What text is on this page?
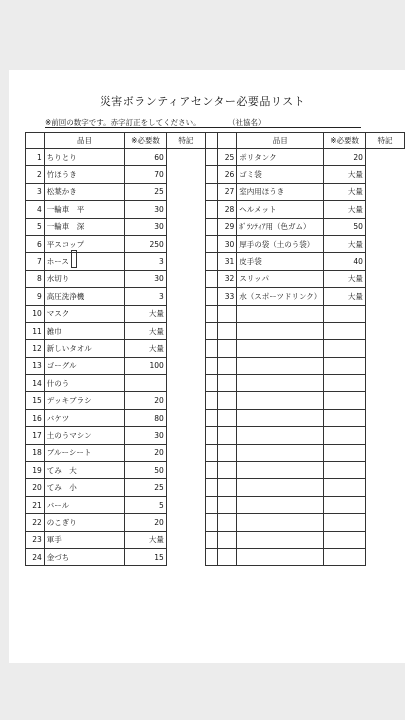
災害ボランティアセンター必要品リスト
※前回の数字です。赤字訂正をしてください。	（社協名）
	品目	※必要数	特記			品目	※必要数	特記
1	ちりとり	60		25	ポリタンク	20	

2	竹ほうき	70		26	ゴミ袋	大量	

3	松葉かき	25		27	室内用ほうき	大量	

4	一輪車　平	30		28	ヘルメット	大量	

5	一輪車　深	30		29	ﾎﾞﾗﾝﾃｨｱ用（色ガム）	50	

6	平スコップ	250		30	厚手の袋（土のう袋）	大量	

7	ホース	3		31	皮手袋	40	

8	水切り	30		32	スリッパ	大量	

9	高圧洗浄機	3		33	水（スポーツドリンク）	大量	

10	マスク	大量	

11	雑巾	大量	

12	新しいタオル	大量	

13	ゴーグル	100	

14	什のう		

15	デッキブラシ	20	

16	バケツ	80	

17	土のうマシン	30	

18	ブルーシート	20	

19	てみ　大	50	

20	てみ　小	25	

21	バール	5	

22	のこぎり	20	

23	軍手	大量	

24	金づち	15	
